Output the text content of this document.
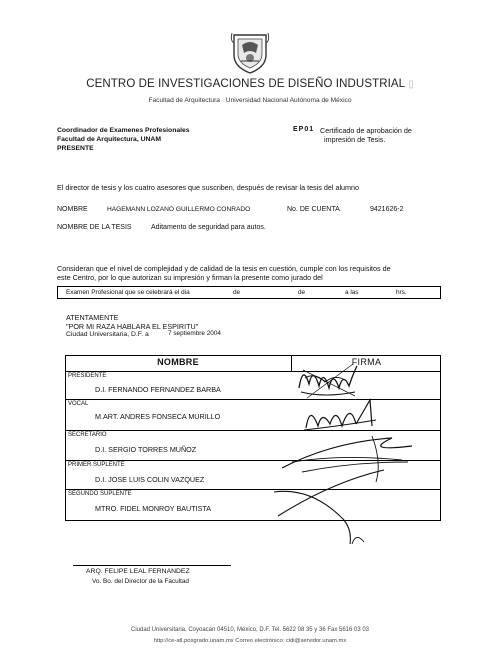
CENTRO DE INVESTIGACIONES DE DISEÑO INDUSTRIAL ▯
Facultad de Arquitectura · Universidad Nacional Autónoma de México
Coordinador de Examenes Profesionales
Facultad de Arquitectura, UNAM
PRESENTE
EP01 Certificado de aprobación de
impresión de Tesis.
El director de tesis y los cuatro asesores que suscriben, después de revisar la tesis del alumno
NOMBRE	HAGEMANN LOZANO GUILLERMO CONRADO	No. DE CUENTA	9421626-2
NOMBRE DE LA TESIS	Aditamento de seguridad para autos.
Consideran que el nivel de complejidad y de calidad de la tesis en cuestión, cumple con los requisitos de
este Centro, por lo que autorizan su impresión y firman la presente como jurado del
Examen Profesional que se celebrará el dia	de	de	a las	hrs.
ATENTAMENTE
"POR MI RAZA HABLARA EL ESPIRITU"
Ciudad Universitaria, D.F. a	7 septiembre 2004
NOMBRE	FIRMA
PRESIDENTE
D.I. FERNANDO FERNANDEZ BARBA
VOCAL
M.ART. ANDRES FONSECA MURILLO
SECRETARIO
D.I. SERGIO TORRES MUÑOZ
PRIMER SUPLENTE
D.I. JOSE LUIS COLIN VAZQUEZ
SEGUNDO SUPLENTE
MTRO. FIDEL MONROY BAUTISTA
ARQ. FELIPE LEAL FERNANDEZ
Vo. Bo. del Director de la Facultad
Ciudad Universitaria, Coyoacán 04510, México, D.F. Tel. 5622 08 35 y 36 Fax 5616 03 03
http://ce-atl.posgrado.unam.mx Correo electrónico: cidi@servidor.unam.mx
